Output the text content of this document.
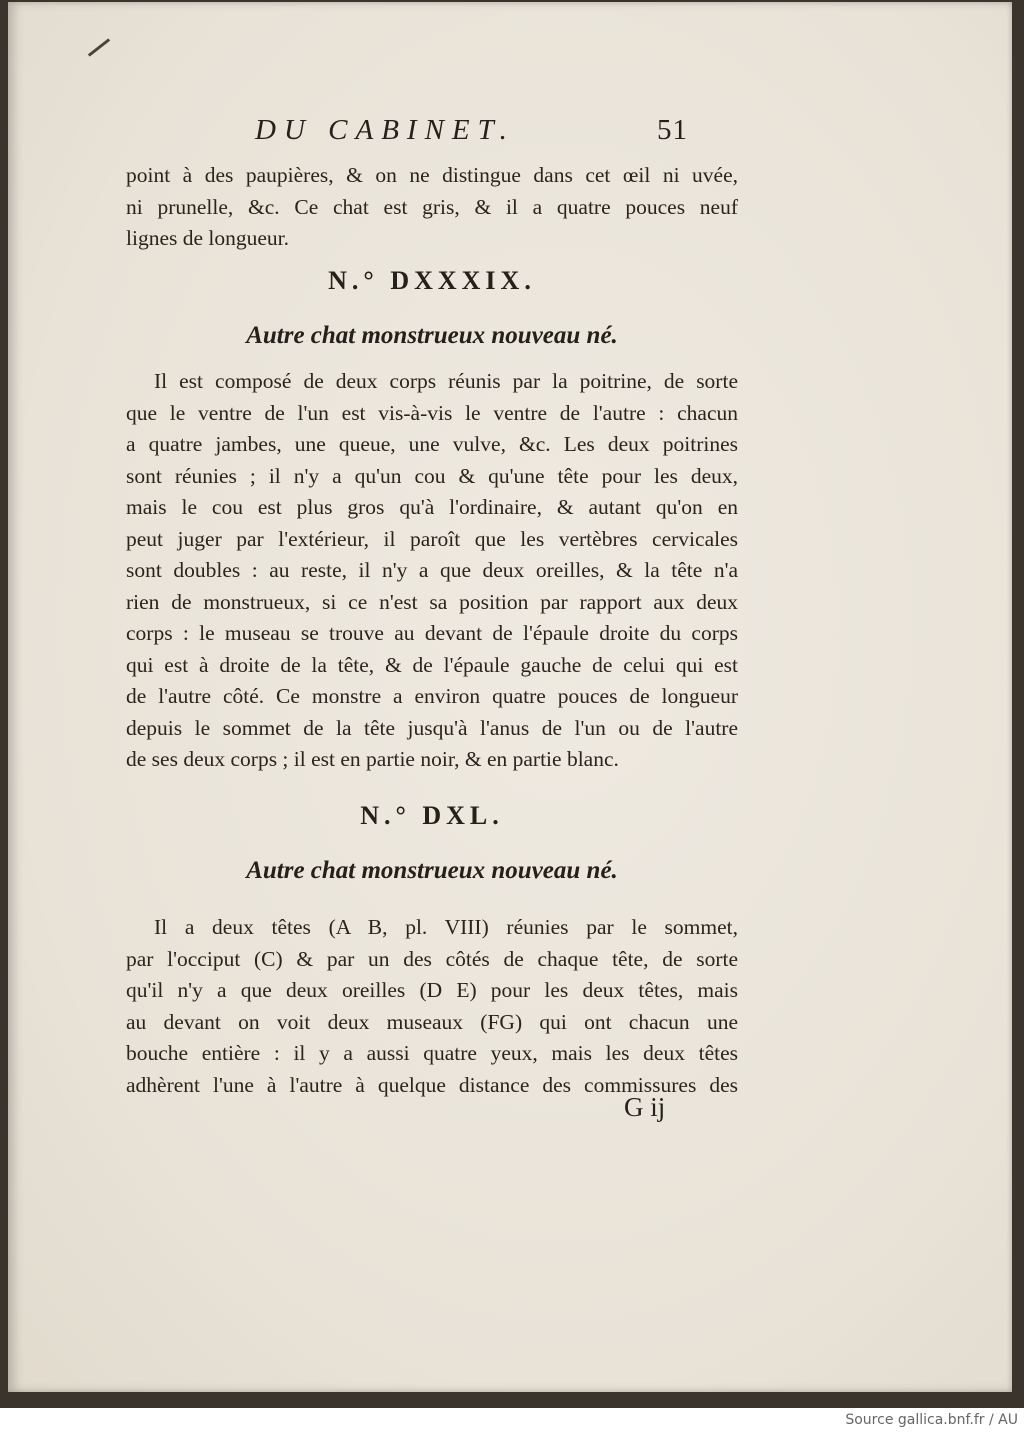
DU CABINET.	51

point à des paupières, & on ne distingue dans cet œil ni uvée,
ni prunelle, &c. Ce chat est gris, & il a quatre pouces neuf
lignes de longueur.

N.° DXXXIX.
Autre chat monstrueux nouveau né.

Il est composé de deux corps réunis par la poitrine, de sorte
que le ventre de l'un est vis-à-vis le ventre de l'autre : chacun
a quatre jambes, une queue, une vulve, &c. Les deux poitrines
sont réunies ; il n'y a qu'un cou & qu'une tête pour les deux,
mais le cou est plus gros qu'à l'ordinaire, & autant qu'on en
peut juger par l'extérieur, il paroît que les vertèbres cervicales
sont doubles : au reste, il n'y a que deux oreilles, & la tête n'a
rien de monstrueux, si ce n'est sa position par rapport aux deux
corps : le museau se trouve au devant de l'épaule droite du corps
qui est à droite de la tête, & de l'épaule gauche de celui qui est
de l'autre côté. Ce monstre a environ quatre pouces de longueur
depuis le sommet de la tête jusqu'à l'anus de l'un ou de l'autre
de ses deux corps ; il est en partie noir, & en partie blanc.

N.° DXL.
Autre chat monstrueux nouveau né.

Il a deux têtes (A B, pl. VIII) réunies par le sommet,
par l'occiput (C) & par un des côtés de chaque tête, de sorte
qu'il n'y a que deux oreilles (D E) pour les deux têtes, mais
au devant on voit deux museaux (FG) qui ont chacun une
bouche entière : il y a aussi quatre yeux, mais les deux têtes
adhèrent l'une à l'autre à quelque distance des commissures des

G ij
Source gallica.bnf.fr / AU
